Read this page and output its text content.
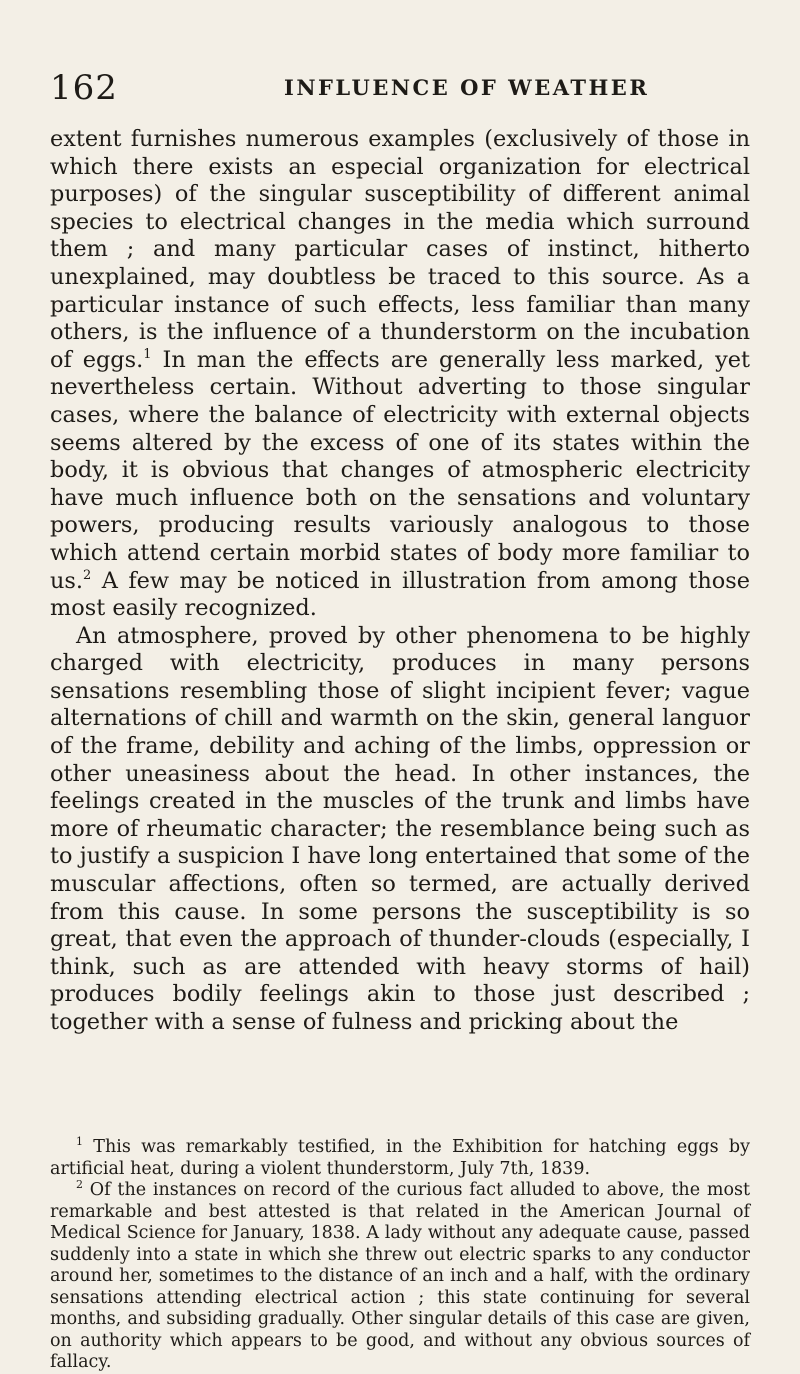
162	INFLUENCE OF WEATHER

extent furnishes numerous examples (exclusively of those in which there exists an especial organization for electrical purposes) of the singular susceptibility of different animal species to electrical changes in the media which surround them ; and many particular cases of instinct, hitherto unexplained, may doubtless be traced to this source. As a particular instance of such effects, less familiar than many others, is the influence of a thunderstorm on the incubation of eggs.$^1$ In man the effects are generally less marked, yet nevertheless certain. Without adverting to those singular cases, where the balance of electricity with external objects seems altered by the excess of one of its states within the body, it is obvious that changes of atmospheric electricity have much influence both on the sensations and voluntary powers, producing results variously analogous to those which attend certain morbid states of body more familiar to us.$^2$ A few may be noticed in illustration from among those most easily recognized.

An atmosphere, proved by other phenomena to be highly charged with electricity, produces in many persons sensations resembling those of slight incipient fever; vague alternations of chill and warmth on the skin, general languor of the frame, debility and aching of the limbs, oppression or other uneasiness about the head. In other instances, the feelings created in the muscles of the trunk and limbs have more of rheumatic character; the resemblance being such as to justify a suspicion I have long entertained that some of the muscular affections, often so termed, are actually derived from this cause. In some persons the susceptibility is so great, that even the approach of thunder-clouds (especially, I think, such as are attended with heavy storms of hail) produces bodily feelings akin to those just described ; together with a sense of fulness and pricking about the

$^1$ This was remarkably testified, in the Exhibition for hatching eggs by artificial heat, during a violent thunderstorm, July 7th, 1839.

$^2$ Of the instances on record of the curious fact alluded to above, the most remarkable and best attested is that related in the American Journal of Medical Science for January, 1838. A lady without any adequate cause, passed suddenly into a state in which she threw out electric sparks to any conductor around her, sometimes to the distance of an inch and a half, with the ordinary sensations attending electrical action ; this state continuing for several months, and subsiding gradually. Other singular details of this case are given, on authority which appears to be good, and without any obvious sources of fallacy.
